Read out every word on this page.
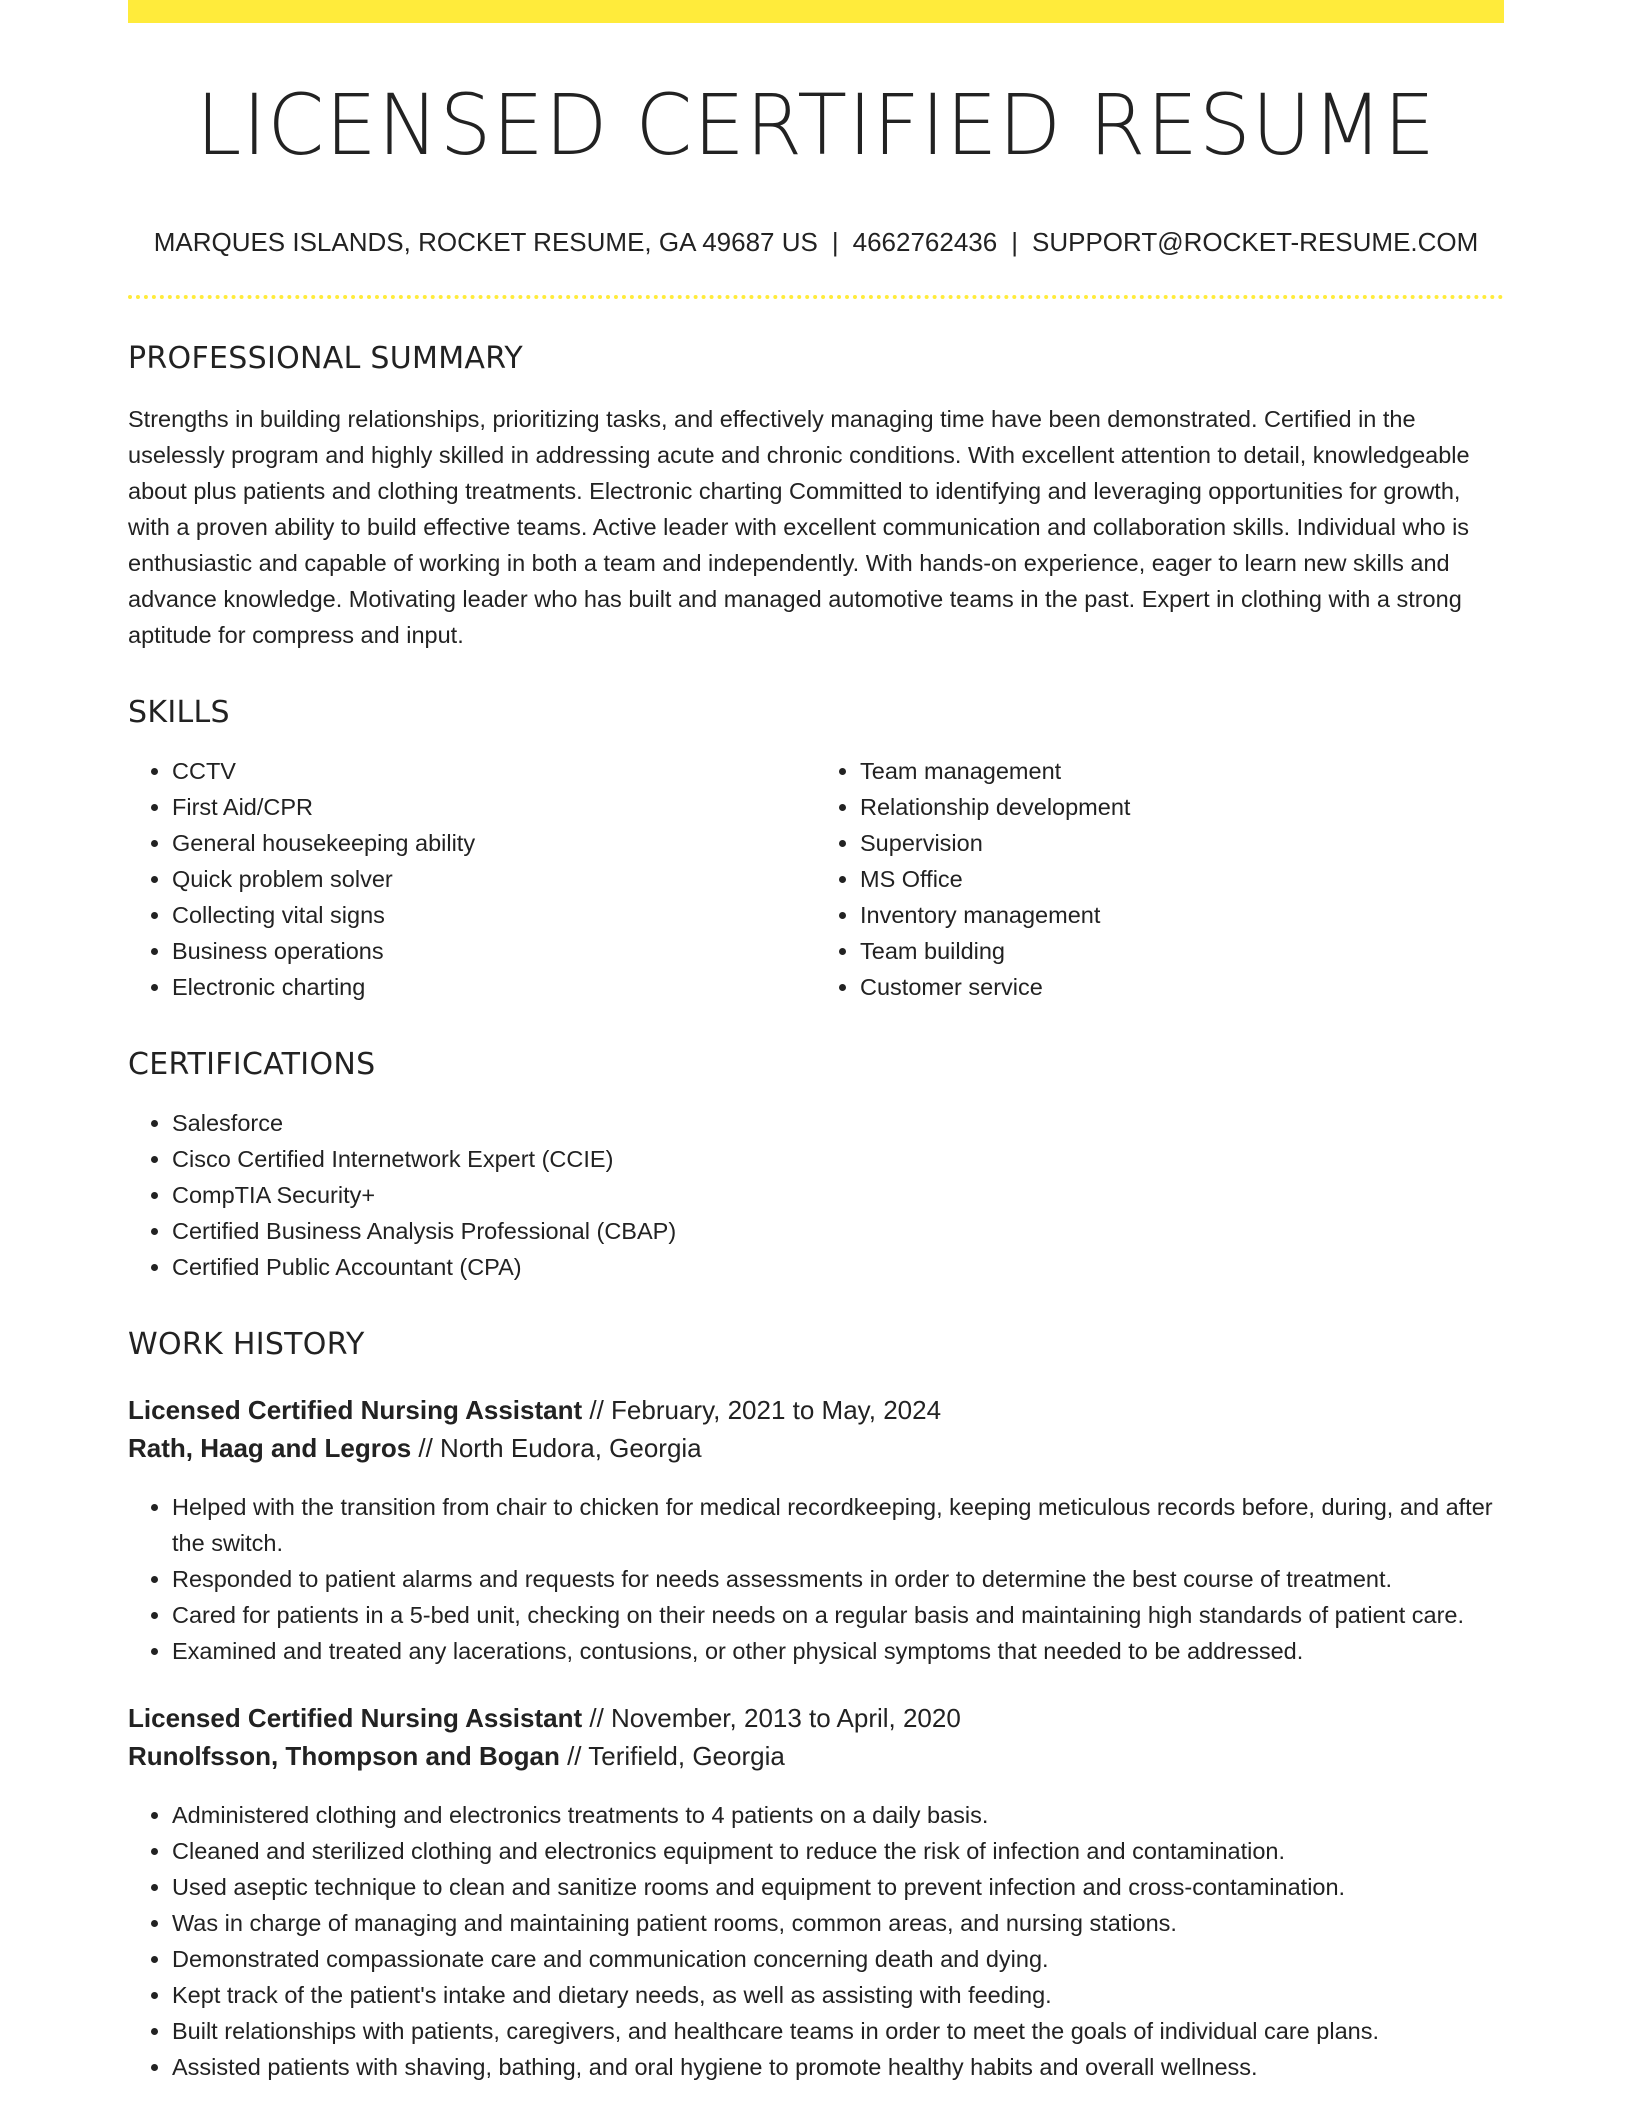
LICENSED CERTIFIED RESUME
MARQUES ISLANDS, ROCKET RESUME, GA 49687 US | 4662762436 | SUPPORT@ROCKET-RESUME.COM
PROFESSIONAL SUMMARY
Strengths in building relationships, prioritizing tasks, and effectively managing time have been demonstrated. Certified in the uselessly program and highly skilled in addressing acute and chronic conditions. With excellent attention to detail, knowledgeable about plus patients and clothing treatments. Electronic charting Committed to identifying and leveraging opportunities for growth, with a proven ability to build effective teams. Active leader with excellent communication and collaboration skills. Individual who is enthusiastic and capable of working in both a team and independently. With hands-on experience, eager to learn new skills and advance knowledge. Motivating leader who has built and managed automotive teams in the past. Expert in clothing with a strong aptitude for compress and input.
SKILLS
• CCTV
• First Aid/CPR
• General housekeeping ability
• Quick problem solver
• Collecting vital signs
• Business operations
• Electronic charting
• Team management
• Relationship development
• Supervision
• MS Office
• Inventory management
• Team building
• Customer service
CERTIFICATIONS
• Salesforce
• Cisco Certified Internetwork Expert (CCIE)
• CompTIA Security+
• Certified Business Analysis Professional (CBAP)
• Certified Public Accountant (CPA)
WORK HISTORY
Licensed Certified Nursing Assistant // February, 2021 to May, 2024
Rath, Haag and Legros // North Eudora, Georgia
• Helped with the transition from chair to chicken for medical recordkeeping, keeping meticulous records before, during, and after the switch.
• Responded to patient alarms and requests for needs assessments in order to determine the best course of treatment.
• Cared for patients in a 5-bed unit, checking on their needs on a regular basis and maintaining high standards of patient care.
• Examined and treated any lacerations, contusions, or other physical symptoms that needed to be addressed.
Licensed Certified Nursing Assistant // November, 2013 to April, 2020
Runolfsson, Thompson and Bogan // Terifield, Georgia
• Administered clothing and electronics treatments to 4 patients on a daily basis.
• Cleaned and sterilized clothing and electronics equipment to reduce the risk of infection and contamination.
• Used aseptic technique to clean and sanitize rooms and equipment to prevent infection and cross-contamination.
• Was in charge of managing and maintaining patient rooms, common areas, and nursing stations.
• Demonstrated compassionate care and communication concerning death and dying.
• Kept track of the patient's intake and dietary needs, as well as assisting with feeding.
• Built relationships with patients, caregivers, and healthcare teams in order to meet the goals of individual care plans.
• Assisted patients with shaving, bathing, and oral hygiene to promote healthy habits and overall wellness.
